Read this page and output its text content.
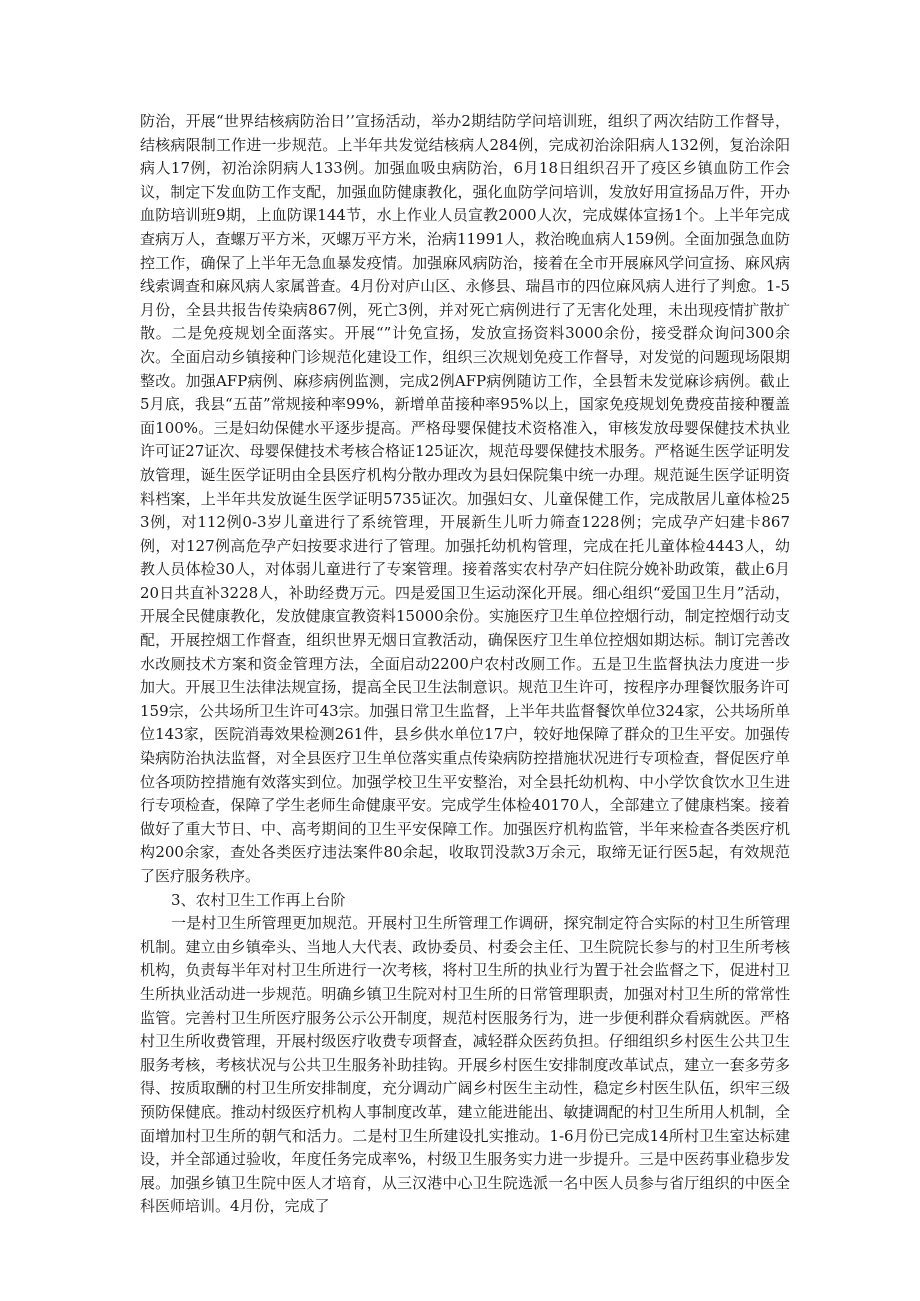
防治，开展“世界结核病防治日’’宣扬活动，举办2期结防学问培训班，组织了两次结防工作督导，结核病限制工作进一步规范。上半年共发觉结核病人284例，完成初治涂阳病人132例，复治涂阳病人17例，初治涂阴病人133例。加强血吸虫病防治，6月18日组织召开了疫区乡镇血防工作会议，制定下发血防工作支配，加强血防健康教化，强化血防学问培训，发放好用宣扬品万件，开办血防培训班9期，上血防课144节，水上作业人员宣教2000人次，完成媒体宣扬1个。上半年完成查病万人，查螺万平方米，灭螺万平方米，治病11991人，救治晚血病人159例。全面加强急血防控工作，确保了上半年无急血暴发疫情。加强麻风病防治，接着在全市开展麻风学问宣扬、麻风病线索调查和麻风病人家属普查。4月份对庐山区、永修县、瑞昌市的四位麻风病人进行了判愈。1-5月份，全县共报告传染病867例，死亡3例，并对死亡病例进行了无害化处理，未出现疫情扩散扩散。二是免疫规划全面落实。开展“”计免宣扬，发放宣扬资料3000余份，接受群众询问300余次。全面启动乡镇接种门诊规范化建设工作，组织三次规划免疫工作督导，对发觉的问题现场限期整改。加强AFP病例、麻疹病例监测，完成2例AFP病例随访工作，全县暂未发觉麻诊病例。截止5月底，我县“五苗”常规接种率99%，新增单苗接种率95%以上，国家免疫规划免费疫苗接种覆盖面100%。三是妇幼保健水平逐步提高。严格母婴保健技术资格准入，审核发放母婴保健技术执业许可证27证次、母婴保健技术考核合格证125证次，规范母婴保健技术服务。严格诞生医学证明发放管理，诞生医学证明由全县医疗机构分散办理改为县妇保院集中统一办理。规范诞生医学证明资料档案，上半年共发放诞生医学证明5735证次。加强妇女、儿童保健工作，完成散居儿童体检253例，对112例0-3岁儿童进行了系统管理，开展新生儿听力筛查1228例；完成孕产妇建卡867例，对127例高危孕产妇按要求进行了管理。加强托幼机构管理，完成在托儿童体检4443人，幼教人员体检30人，对体弱儿童进行了专案管理。接着落实农村孕产妇住院分娩补助政策，截止6月20日共直补3228人，补助经费万元。四是爱国卫生运动深化开展。细心组织“爱国卫生月”活动，开展全民健康教化，发放健康宣教资料15000余份。实施医疗卫生单位控烟行动，制定控烟行动支配，开展控烟工作督查，组织世界无烟日宣教活动，确保医疗卫生单位控烟如期达标。制订完善改水改厕技术方案和资金管理方法，全面启动2200户农村改厕工作。五是卫生监督执法力度进一步加大。开展卫生法律法规宣扬，提高全民卫生法制意识。规范卫生许可，按程序办理餐饮服务许可159宗，公共场所卫生许可43宗。加强日常卫生监督，上半年共监督餐饮单位324家，公共场所单位143家，医院消毒效果检测261件，县乡供水单位17户，较好地保障了群众的卫生平安。加强传染病防治执法监督，对全县医疗卫生单位落实重点传染病防控措施状况进行专项检查，督促医疗单位各项防控措施有效落实到位。加强学校卫生平安整治，对全县托幼机构、中小学饮食饮水卫生进行专项检查，保障了学生老师生命健康平安。完成学生体检40170人，全部建立了健康档案。接着做好了重大节日、中、高考期间的卫生平安保障工作。加强医疗机构监管，半年来检查各类医疗机构200余家，查处各类医疗违法案件80余起，收取罚没款3万余元，取缔无证行医5起，有效规范了医疗服务秩序。

3、农村卫生工作再上台阶

一是村卫生所管理更加规范。开展村卫生所管理工作调研，探究制定符合实际的村卫生所管理机制。建立由乡镇牵头、当地人大代表、政协委员、村委会主任、卫生院院长参与的村卫生所考核机构，负责每半年对村卫生所进行一次考核，将村卫生所的执业行为置于社会监督之下，促进村卫生所执业活动进一步规范。明确乡镇卫生院对村卫生所的日常管理职责，加强对村卫生所的常常性监管。完善村卫生所医疗服务公示公开制度，规范村医服务行为，进一步便利群众看病就医。严格村卫生所收费管理，开展村级医疗收费专项督查，减轻群众医药负担。仔细组织乡村医生公共卫生服务考核，考核状况与公共卫生服务补助挂钩。开展乡村医生安排制度改革试点，建立一套多劳多得、按质取酬的村卫生所安排制度，充分调动广阔乡村医生主动性，稳定乡村医生队伍，织牢三级预防保健底。推动村级医疗机构人事制度改革，建立能进能出、敏捷调配的村卫生所用人机制，全面增加村卫生所的朝气和活力。二是村卫生所建设扎实推动。1-6月份已完成14所村卫生室达标建设，并全部通过验收，年度任务完成率%，村级卫生服务实力进一步提升。三是中医药事业稳步发展。加强乡镇卫生院中医人才培育，从三汉港中心卫生院选派一名中医人员参与省厅组织的中医全科医师培训。4月份，完成了
